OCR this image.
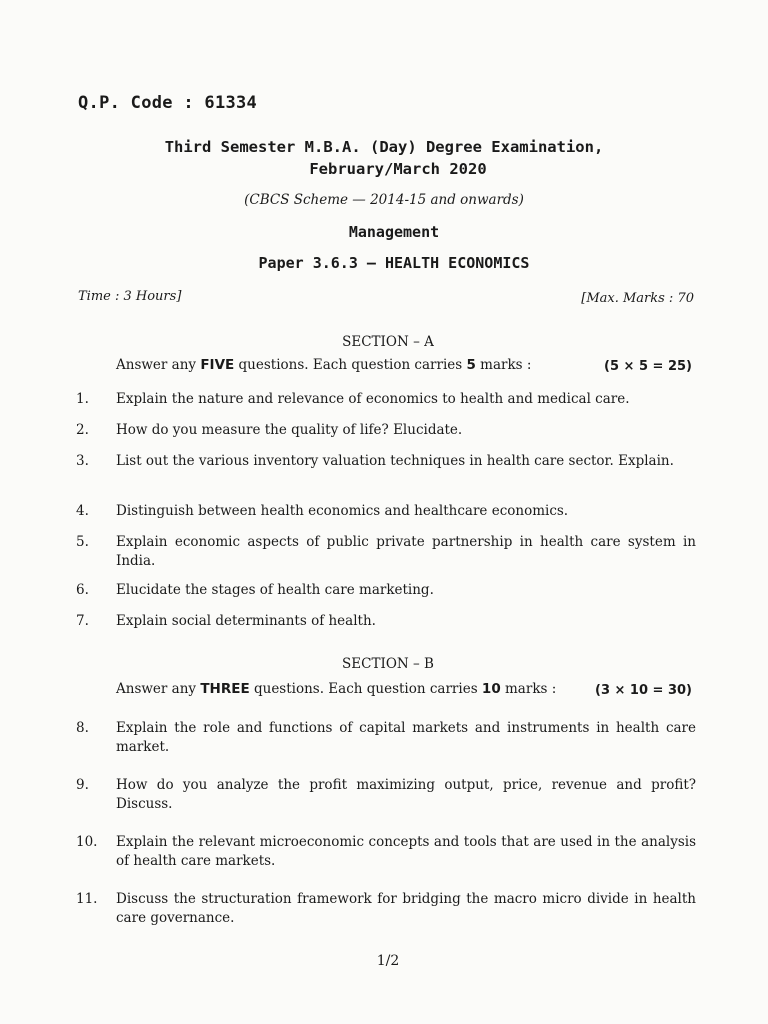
Q.P. Code : 61334
Third Semester M.B.A. (Day) Degree Examination,
February/March 2020
(CBCS Scheme — 2014-15 and onwards)
Management
Paper 3.6.3 — HEALTH ECONOMICS
Time : 3 Hours]	[Max. Marks : 70
SECTION – A
Answer any FIVE questions. Each question carries 5 marks :	(5 × 5 = 25)
1. Explain the nature and relevance of economics to health and medical care.
2. How do you measure the quality of life? Elucidate.
3. List out the various inventory valuation techniques in health care sector. Explain.
4. Distinguish between health economics and healthcare economics.
5. Explain economic aspects of public private partnership in health care system in India.
6. Elucidate the stages of health care marketing.
7. Explain social determinants of health.
SECTION – B
Answer any THREE questions. Each question carries 10 marks :	(3 × 10 = 30)
8. Explain the role and functions of capital markets and instruments in health care market.
9. How do you analyze the profit maximizing output, price, revenue and profit? Discuss.
10. Explain the relevant microeconomic concepts and tools that are used in the analysis of health care markets.
11. Discuss the structuration framework for bridging the macro micro divide in health care governance.
1/2
